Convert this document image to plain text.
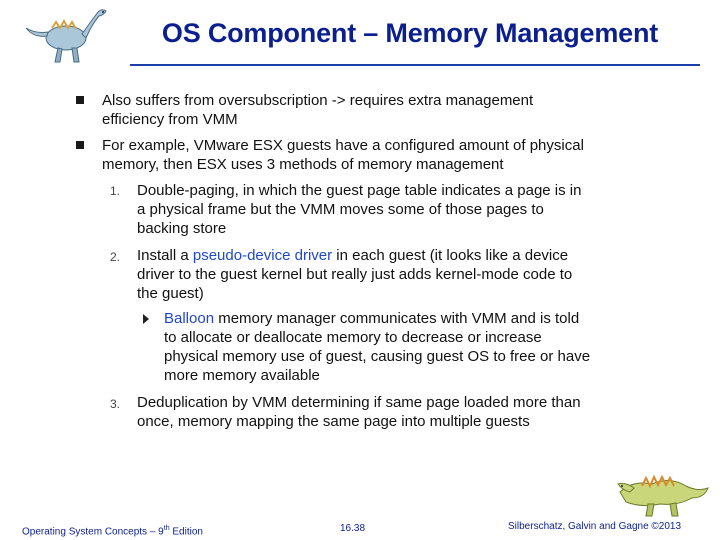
OS Component – Memory Management
Also suffers from oversubscription -> requires extra management
efficiency from VMM
For example, VMware ESX guests have a configured amount of physical
memory, then ESX uses 3 methods of memory management
1. Double-paging, in which the guest page table indicates a page is in
a physical frame but the VMM moves some of those pages to
backing store
2. Install a pseudo-device driver in each guest (it looks like a device
driver to the guest kernel but really just adds kernel-mode code to
the guest)
Balloon memory manager communicates with VMM and is told
to allocate or deallocate memory to decrease or increase
physical memory use of guest, causing guest OS to free or have
more memory available
3. Deduplication by VMM determining if same page loaded more than
once, memory mapping the same page into multiple guests
Operating System Concepts – 9th Edition	16.38	Silberschatz, Galvin and Gagne ©2013
